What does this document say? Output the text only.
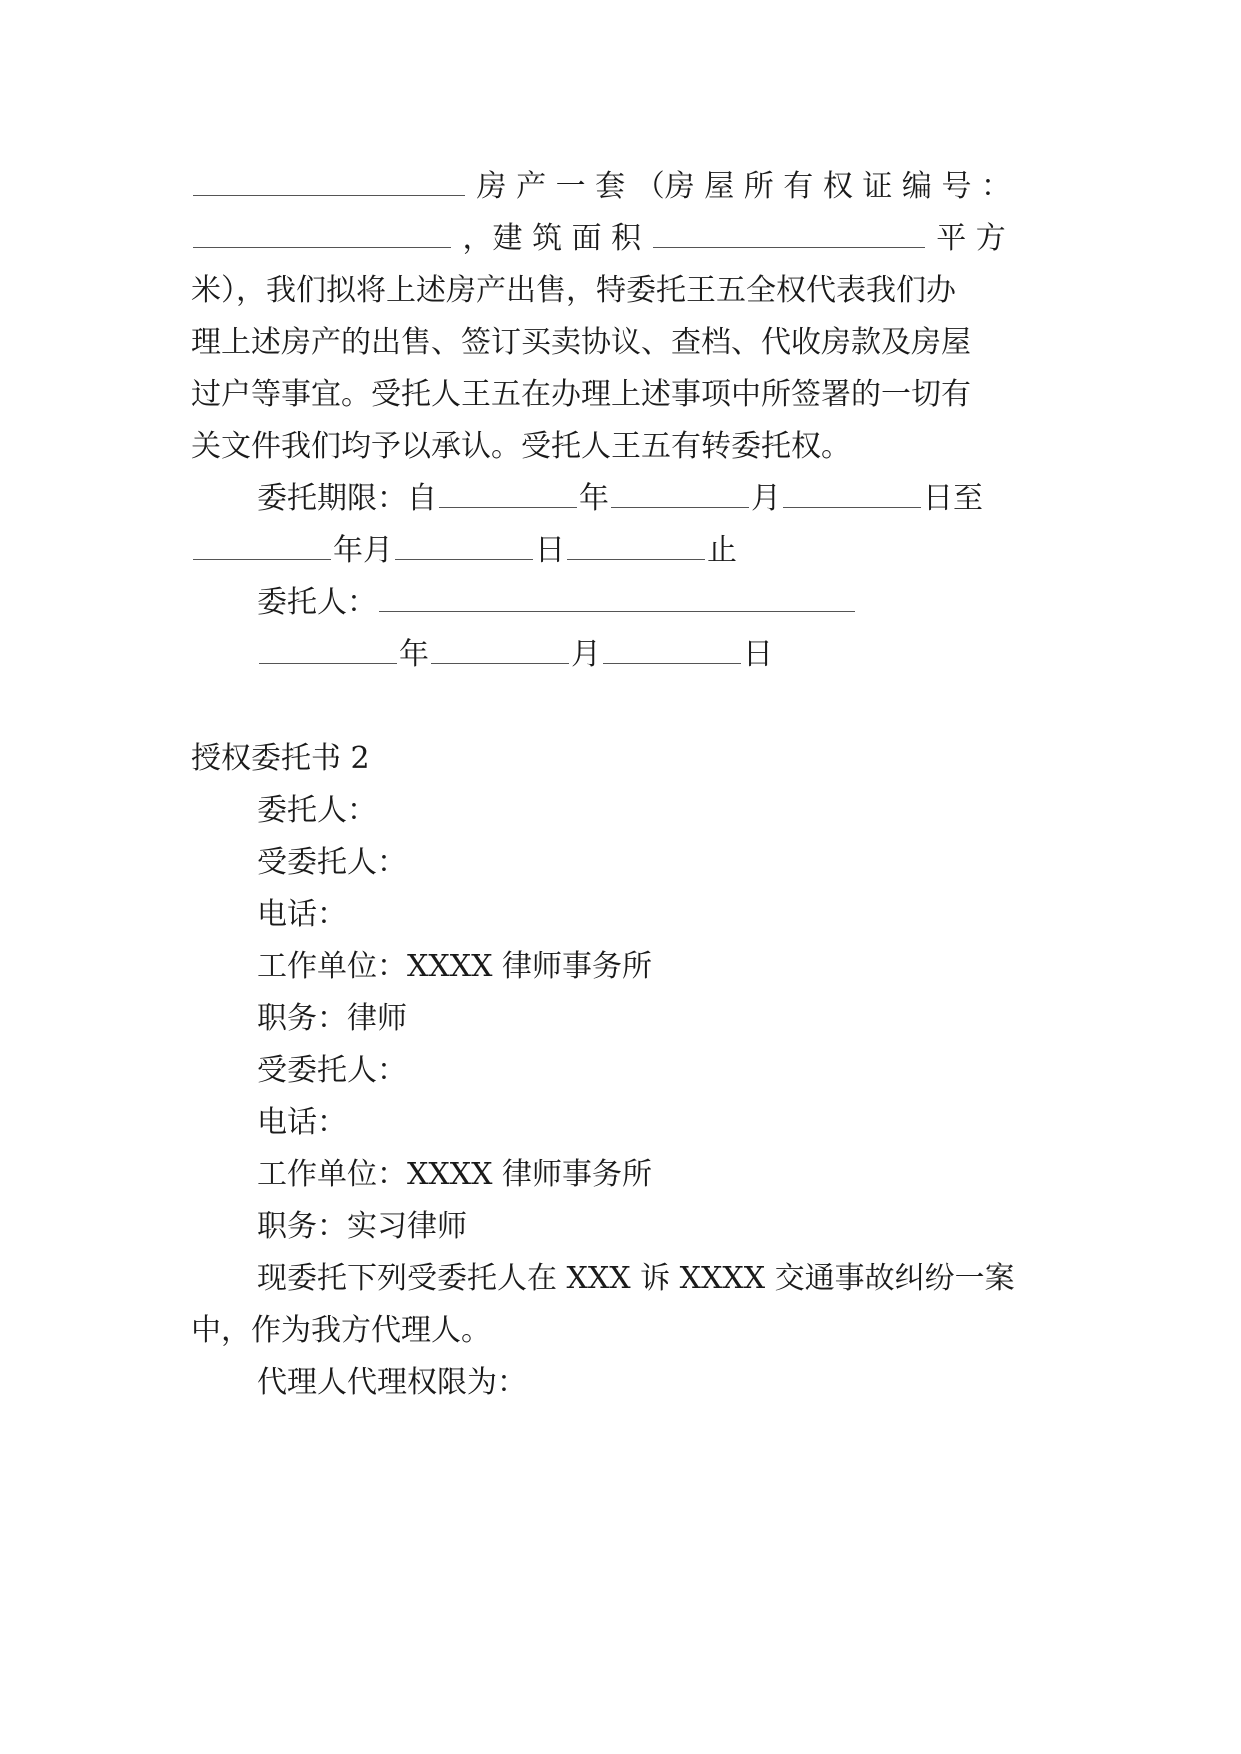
房 产 一 套 （房 屋 所 有 权 证 编 号 ：
，建 筑 面 积	平 方
米），我们拟将上述房产出售，特委托王五全权代表我们办
理上述房产的出售、签订买卖协议、查档、代收房款及房屋
过户等事宜。受托人王五在办理上述事项中所签署的一切有
关文件我们均予以承认。受托人王五有转委托权。
委托期限：自	年	月	日至
年月	日	止
委托人：
年	月	日
授权委托书 2
委托人：
受委托人：
电话：
工作单位：XXXX 律师事务所
职务：律师
受委托人：
电话：
工作单位：XXXX 律师事务所
职务：实习律师
现委托下列受委托人在 XXX 诉 XXXX 交通事故纠纷一案
中，作为我方代理人。
代理人代理权限为：
